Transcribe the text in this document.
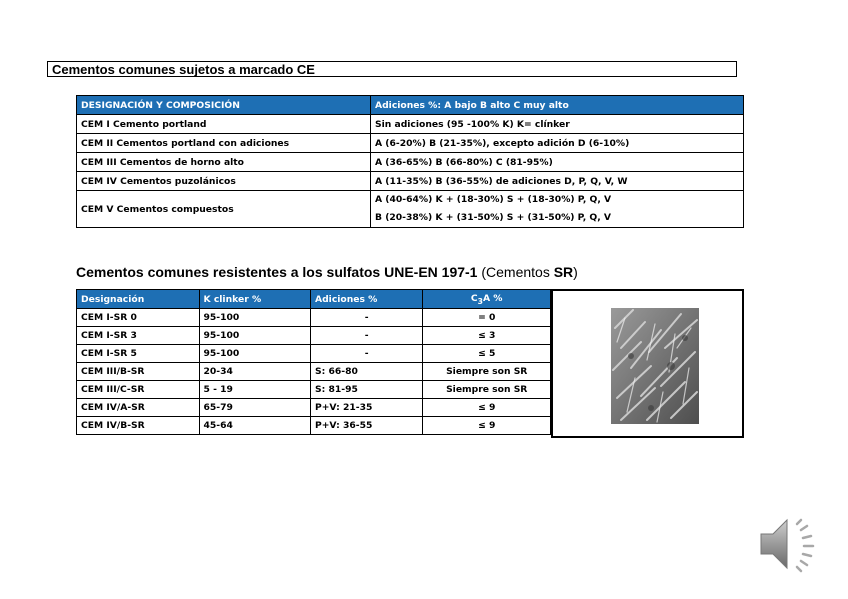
Cementos comunes sujetos a marcado CE
DESIGNACIÓN Y COMPOSICIÓN	Adiciones %: A bajo B alto C muy alto
CEM I Cemento portland	Sin adiciones (95 -100% K) K= clínker
CEM II Cementos portland con adiciones	A (6-20%) B (21-35%), excepto adición D (6-10%)
CEM III Cementos de horno alto	A (36-65%) B (66-80%) C (81-95%)
CEM IV Cementos puzolánicos	A (11-35%) B (36-55%) de adiciones D, P, Q, V, W
CEM V Cementos compuestos	A (40-64%) K + (18-30%) S + (18-30%) P, Q, V
B (20-38%) K + (31-50%) S + (31-50%) P, Q, V
Cementos comunes resistentes a los sulfatos UNE-EN 197-1 (Cementos SR)
Designación	K clinker %	Adiciones %	$C_3A$ %
CEM I-SR 0	95-100	-	= 0
CEM I-SR 3	95-100	-	≤ 3
CEM I-SR 5	95-100	-	≤ 5
CEM III/B-SR	20-34	S: 66-80	Siempre son SR
CEM III/C-SR	5 - 19	S: 81-95	Siempre son SR
CEM IV/A-SR	65-79	P+V: 21-35	≤ 9
CEM IV/B-SR	45-64	P+V: 36-55	≤ 9
